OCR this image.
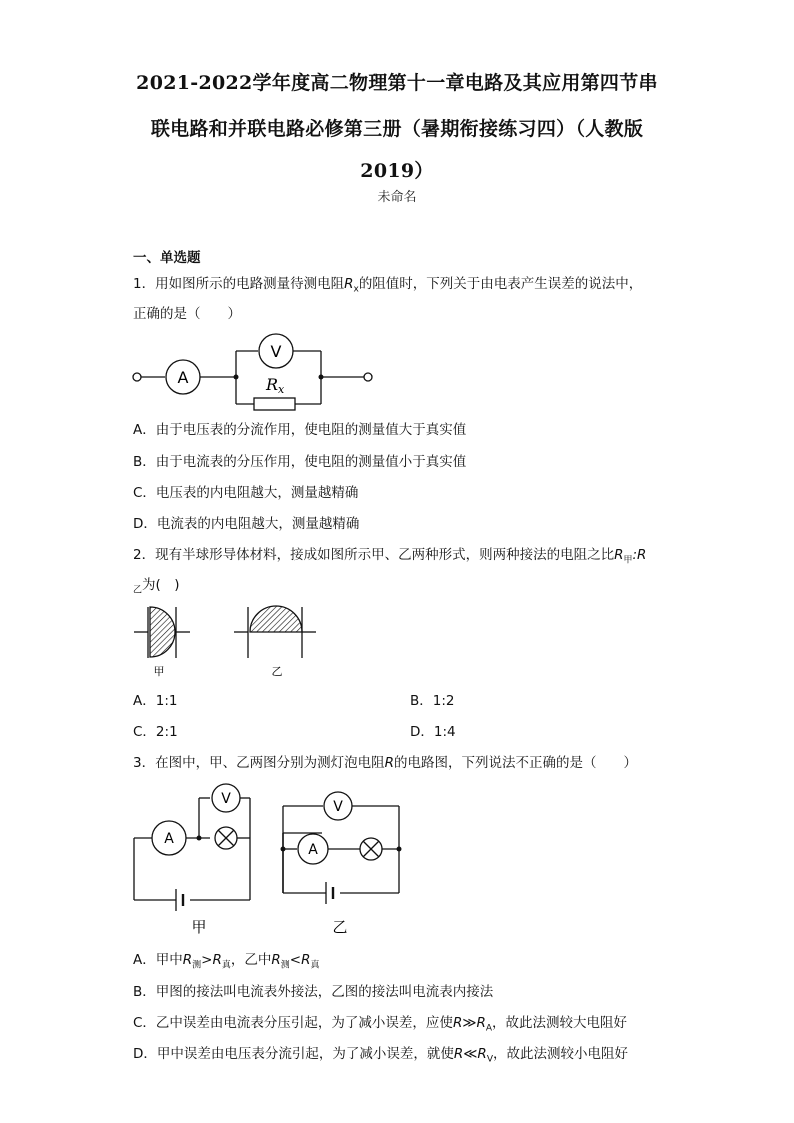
2021-2022学年度高二物理第十一章电路及其应用第四节串
联电路和并联电路必修第三册（暑期衔接练习四）（人教版
2019）
未命名
一、单选题
1．用如图所示的电路测量待测电阻$R_x$的阻值时，下列关于由电表产生误差的说法中，
正确的是（　　）
A
V
Rx
A．由于电压表的分流作用，使电阻的测量值大于真实值
B．由于电流表的分压作用，使电阻的测量值小于真实值
C．电压表的内电阻越大，测量越精确
D．电流表的内电阻越大，测量越精确
2．现有半球形导体材料，接成如图所示甲、乙两种形式，则两种接法的电阻之比$R_甲:R$
$_乙$为(　)
甲	乙
A．1:1	B．1:2
C．2:1	D．1:4
3．在图中，甲、乙两图分别为测灯泡电阻R的电路图，下列说法不正确的是（　　）
A
V
A
V
甲	乙
A．甲中$R_测>R_真$，乙中$R_测<R_真$
B．甲图的接法叫电流表外接法，乙图的接法叫电流表内接法
C．乙中误差由电流表分压引起，为了减小误差，应使$R≫R_A$，故此法测较大电阻好
D．甲中误差由电压表分流引起，为了减小误差，就使$R≪R_V$，故此法测较小电阻好
